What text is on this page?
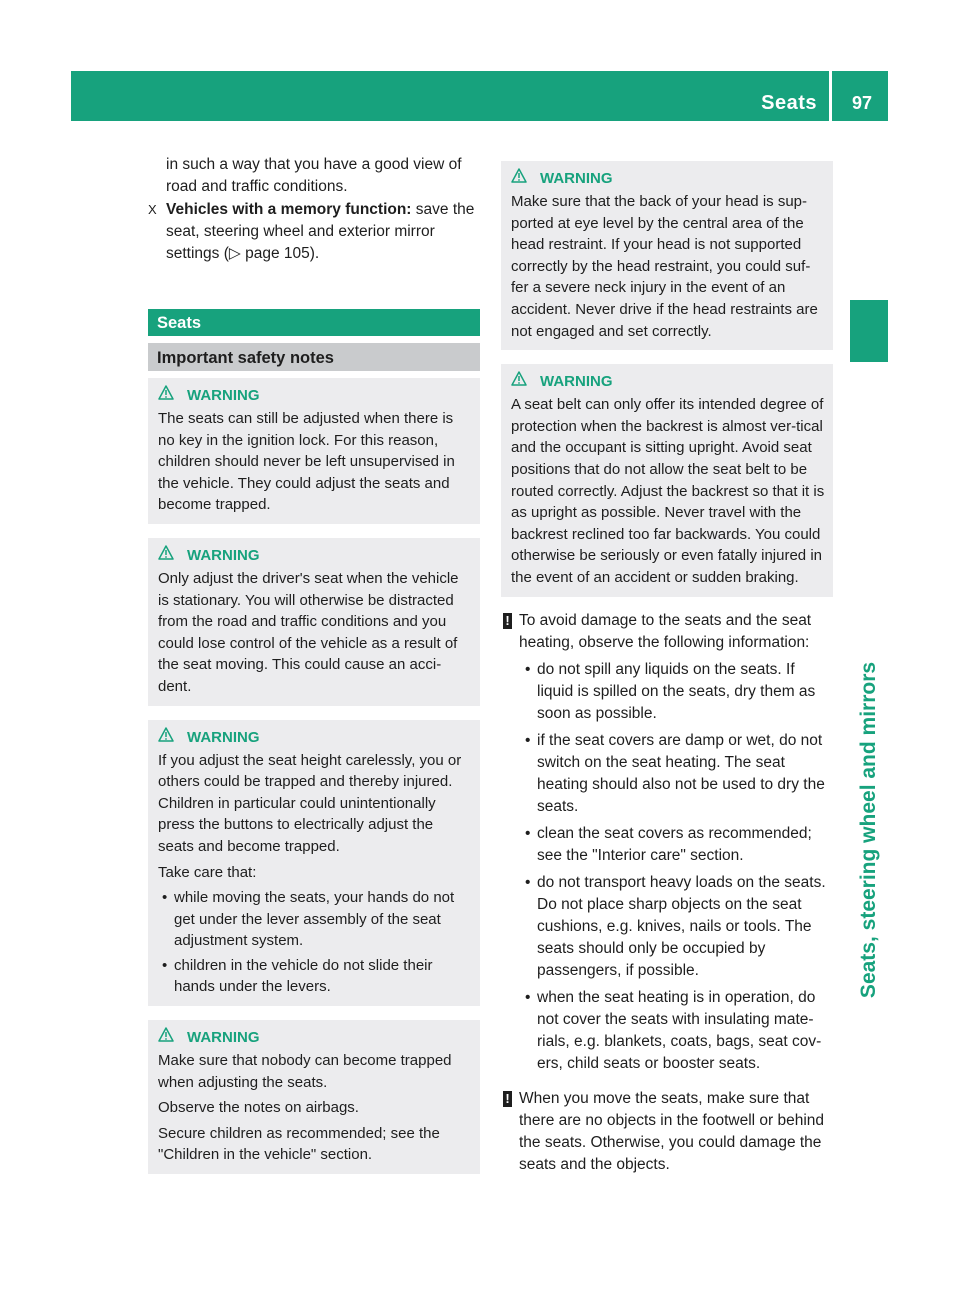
Seats 97
Seats, steering wheel and mirrors

in such a way that you have a good view of road and traffic conditions.

X Vehicles with a memory function: save the seat, steering wheel and exterior mirror settings (▷ page 105).
Seats
Important safety notes
WARNING

The seats can still be adjusted when there is no key in the ignition lock. For this reason, children should never be left unsupervised in the vehicle. They could adjust the seats and become trapped.

WARNING

Only adjust the driver's seat when the vehicle is stationary. You will otherwise be distracted from the road and traffic conditions and you could lose control of the vehicle as a result of the seat moving. This could cause an acci-dent.

WARNING

If you adjust the seat height carelessly, you or others could be trapped and thereby injured. Children in particular could unintentionally press the buttons to electrically adjust the seats and become trapped.

Take care that:

• while moving the seats, your hands do not get under the lever assembly of the seat adjustment system.
• children in the vehicle do not slide their hands under the levers.
WARNING

Make sure that nobody can become trapped when adjusting the seats.

Observe the notes on airbags.

Secure children as recommended; see the "Children in the vehicle" section.

WARNING

Make sure that the back of your head is sup-ported at eye level by the central area of the head restraint. If your head is not supported correctly by the head restraint, you could suf-fer a severe neck injury in the event of an accident. Never drive if the head restraints are not engaged and set correctly.

WARNING

A seat belt can only offer its intended degree of protection when the backrest is almost ver-tical and the occupant is sitting upright. Avoid seat positions that do not allow the seat belt to be routed correctly. Adjust the backrest so that it is as upright as possible. Never travel with the backrest reclined too far backwards. You could otherwise be seriously or even fatally injured in the event of an accident or sudden braking.

! To avoid damage to the seats and the seat heating, observe the following information:

• do not spill any liquids on the seats. If liquid is spilled on the seats, dry them as soon as possible.
• if the seat covers are damp or wet, do not switch on the seat heating. The seat heating should also not be used to dry the seats.
• clean the seat covers as recommended; see the "Interior care" section.
• do not transport heavy loads on the seats. Do not place sharp objects on the seat cushions, e.g. knives, nails or tools. The seats should only be occupied by passengers, if possible.
• when the seat heating is in operation, do not cover the seats with insulating mate-rials, e.g. blankets, coats, bags, seat cov-ers, child seats or booster seats.
! When you move the seats, make sure that there are no objects in the footwell or behind the seats. Otherwise, you could damage the seats and the objects.
